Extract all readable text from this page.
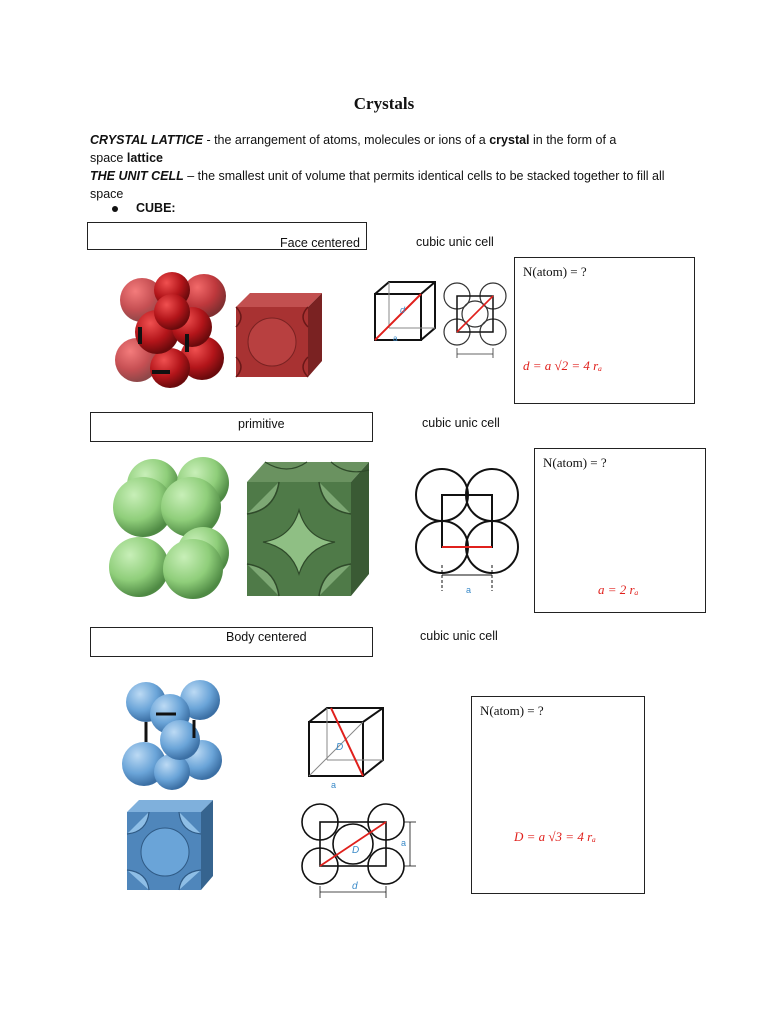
Crystals
CRYSTAL LATTICE - the arrangement of atoms, molecules or ions of a crystal in the form of a
space lattice
THE UNIT CELL – the smallest unit of volume that permits identical cells to be stacked together to fill all space
CUBE:
Face centered	cubic unic cell
d
a
N(atom) = ?
d = a √2 = 4 rₐ
primitive	cubic unic cell
a
N(atom) = ?
a = 2 rₐ
Body centered	cubic unic cell
D
a
D
a
d
N(atom) = ?
D = a √3 = 4 rₐ
